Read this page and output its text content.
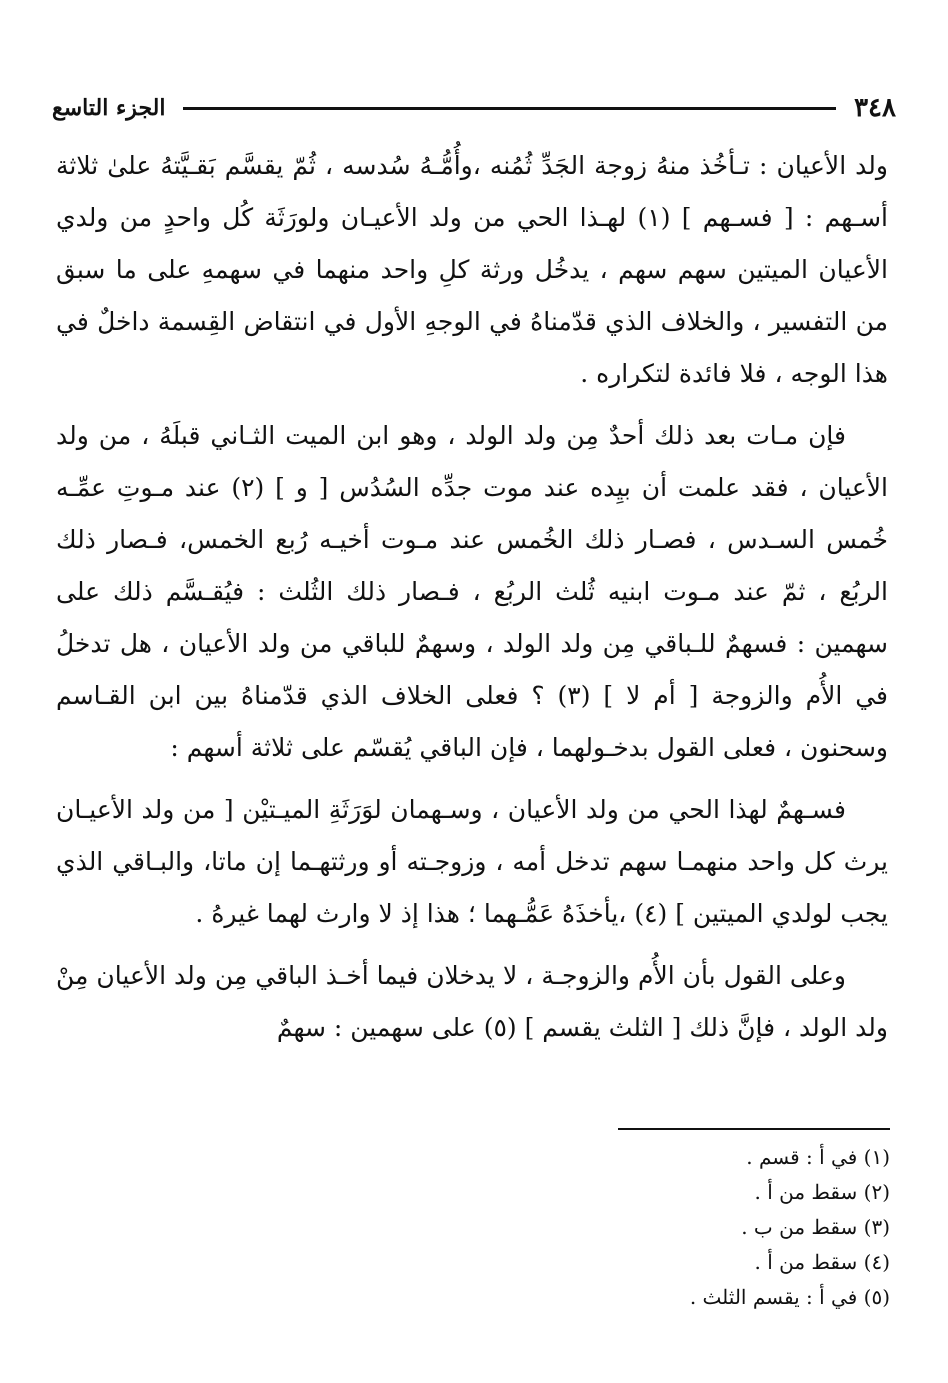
٣٤٨
الجزء التاسع

ولد الأعيان : تـأخُذ منهُ زوجة الجَدِّ ثُمُنه ،وأُمُّـهُ سُدسه ، ثُمّ يقسَّم بَقـيَّتهُ علىٰ ثلاثة أسـهم : [ فسـهم ] (١) لهـذا الحي من ولد الأعيـان ولورَثَة كُل واحدٍ من ولدي الأعيان الميتين سهم سهم ، يدخُل ورثة كلِ واحد منهما في سهمهِ على ما سبق من التفسير ، والخلاف الذي قدّمناهُ في الوجهِ الأول في انتقاض القِسمة داخلٌ في هذا الوجه ، فلا فائدة لتكراره .

فإن مـات بعد ذلك أحدٌ مِن ولد الولد ، وهو ابن الميت الثـاني قبلَهُ ، من ولد الأعيان ، فقد علمت أن بيِده عند موت جدِّه السُدُس [ و ] (٢) عند مـوتِ عمِّـه خُمس السـدس ، فصـار ذلك الخُمس عند مـوت أخيـه رُبع الخمس، فـصار ذلك الربُع ، ثمّ عند مـوت ابنيه ثُلث الربُع ، فـصار ذلك الثُلث : فيُقـسَّم ذلك على سهمين : فسهمٌ للـباقي مِن ولد الولد ، وسهمٌ للباقي من ولد الأعيان ، هل تدخلُ في الأُم والزوجة [ أم لا ] (٣) ؟ فعلى الخلاف الذي قدّمناهُ بين ابن القـاسم وسحنون ، فعلى القول بدخـولهما ، فإن الباقي يُقسّم على ثلاثة أسهم :

فسـهمٌ لهذا الحي من ولد الأعيان ، وسـهمان لوَرَثَةِ الميـتيْن [ من ولد الأعيـان يرث كل واحد منهمـا سهم تدخل أمه ، وزوجـته أو ورثتهـما إن ماتا، والبـاقي الذي يجب لولدي الميتين ] (٤) ،يأخذَهُ عَمُّـهما ؛ هذا إذ لا وارث لهما غيرهُ .

وعلى القول بأن الأُم والزوجـة ، لا يدخلان فيما أخـذ الباقي مِن ولد الأعيان مِنْ ولد الولد ، فإنَّ ذلك [ الثلث يقسم ] (٥) على سهمين : سهمٌ

(١) في أ : قسم .
(٢) سقط من أ .
(٣) سقط من ب .
(٤) سقط من أ .
(٥) في أ : يقسم الثلث .
